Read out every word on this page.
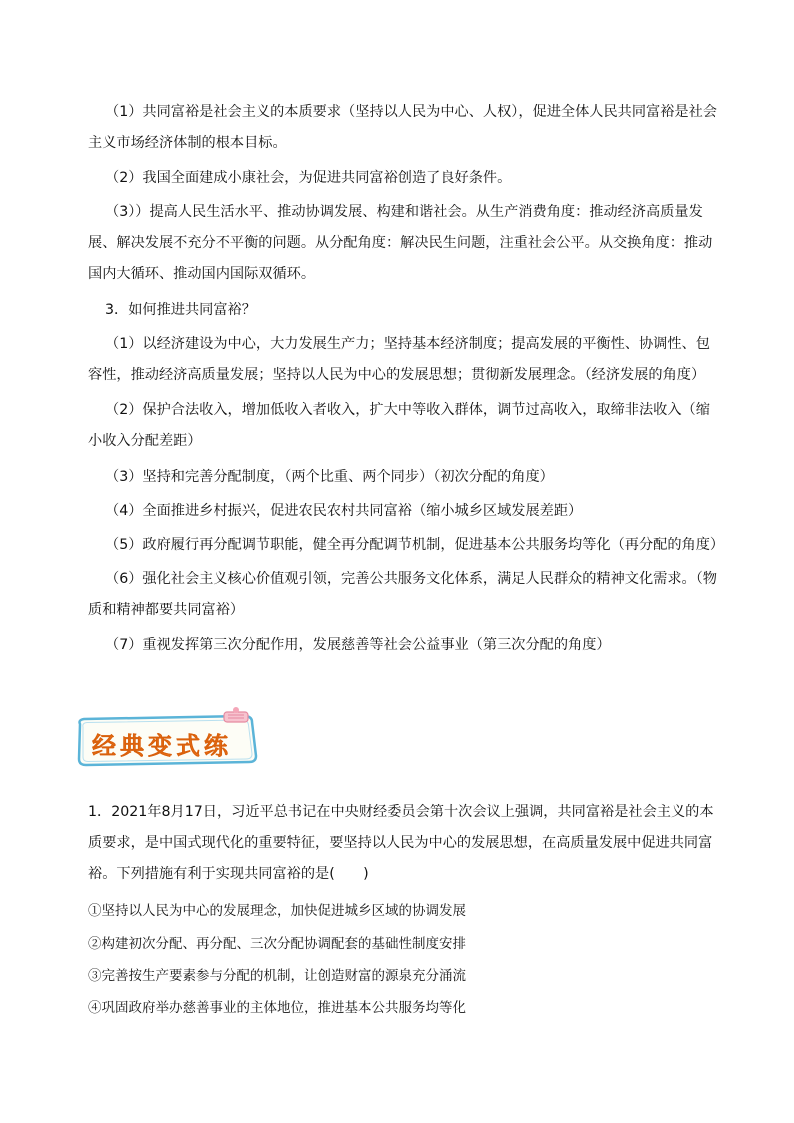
（1）共同富裕是社会主义的本质要求（坚持以人民为中心、人权），促进全体人民共同富裕是社会主义市场经济体制的根本目标。

（2）我国全面建成小康社会，为促进共同富裕创造了良好条件。

（3））提高人民生活水平、推动协调发展、构建和谐社会。从生产消费角度：推动经济高质量发展、解决发展不充分不平衡的问题。从分配角度：解决民生问题，注重社会公平。从交换角度：推动国内大循环、推动国内国际双循环。

3．如何推进共同富裕？

（1）以经济建设为中心，大力发展生产力；坚持基本经济制度；提高发展的平衡性、协调性、包容性，推动经济高质量发展；坚持以人民为中心的发展思想；贯彻新发展理念。（经济发展的角度）

（2）保护合法收入，增加低收入者收入，扩大中等收入群体，调节过高收入，取缔非法收入（缩小收入分配差距）

（3）坚持和完善分配制度，（两个比重、两个同步）（初次分配的角度）

（4）全面推进乡村振兴，促进农民农村共同富裕（缩小城乡区域发展差距）

（5）政府履行再分配调节职能，健全再分配调节机制，促进基本公共服务均等化（再分配的角度）

（6）强化社会主义核心价值观引领，完善公共服务文化体系，满足人民群众的精神文化需求。（物质和精神都要共同富裕）

（7）重视发挥第三次分配作用，发展慈善等社会公益事业（第三次分配的角度）

经典变式练

1．2021年8月17日，习近平总书记在中央财经委员会第十次会议上强调，共同富裕是社会主义的本质要求，是中国式现代化的重要特征，要坚持以人民为中心的发展思想，在高质量发展中促进共同富裕。下列措施有利于实现共同富裕的是(　　)

①坚持以人民为中心的发展理念，加快促进城乡区域的协调发展
②构建初次分配、再分配、三次分配协调配套的基础性制度安排
③完善按生产要素参与分配的机制，让创造财富的源泉充分涌流
④巩固政府举办慈善事业的主体地位，推进基本公共服务均等化
